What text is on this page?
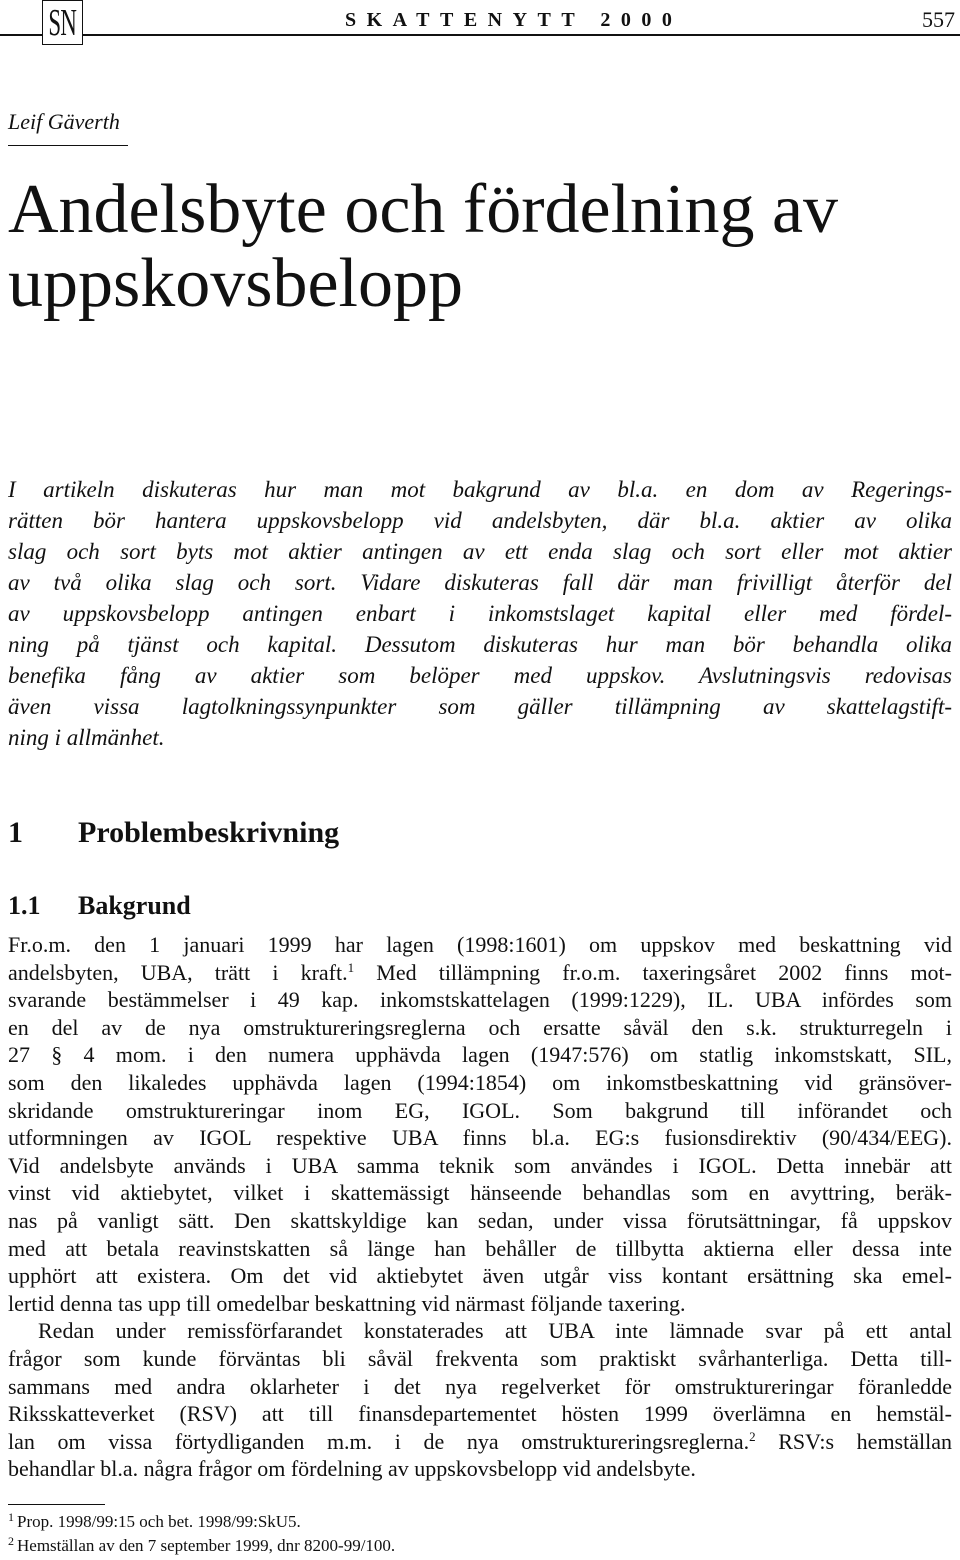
SN	SKATTENYTT 2000	557
Leif Gäverth
Andelsbyte och fördelning av
uppskovsbelopp
I artikeln diskuteras hur man mot bakgrund av bl.a. en dom av Regerings-
rätten bör hantera uppskovsbelopp vid andelsbyten, där bl.a. aktier av olika
slag och sort byts mot aktier antingen av ett enda slag och sort eller mot aktier
av två olika slag och sort. Vidare diskuteras fall där man frivilligt återför del
av uppskovsbelopp antingen enbart i inkomstslaget kapital eller med fördel-
ning på tjänst och kapital. Dessutom diskuteras hur man bör behandla olika
benefika fång av aktier som belöper med uppskov. Avslutningsvis redovisas
även vissa lagtolkningssynpunkter som gäller tillämpning av skattelagstift-
ning i allmänhet.
1 Problembeskrivning
1.1 Bakgrund
Fr.o.m. den 1 januari 1999 har lagen (1998:1601) om uppskov med beskattning vid
andelsbyten, UBA, trätt i kraft.$^1$ Med tillämpning fr.o.m. taxeringsåret 2002 finns mot-
svarande bestämmelser i 49 kap. inkomstskattelagen (1999:1229), IL. UBA infördes som
en del av de nya omstruktureringsreglerna och ersatte såväl den s.k. strukturregeln i
27 § 4 mom. i den numera upphävda lagen (1947:576) om statlig inkomstskatt, SIL,
som den likaledes upphävda lagen (1994:1854) om inkomstbeskattning vid gränsöver-
skridande omstruktureringar inom EG, IGOL. Som bakgrund till införandet och
utformningen av IGOL respektive UBA finns bl.a. EG:s fusionsdirektiv (90/434/EEG).
Vid andelsbyte används i UBA samma teknik som användes i IGOL. Detta innebär att
vinst vid aktiebytet, vilket i skattemässigt hänseende behandlas som en avyttring, beräk-
nas på vanligt sätt. Den skattskyldige kan sedan, under vissa förutsättningar, få uppskov
med att betala reavinstskatten så länge han behåller de tillbytta aktierna eller dessa inte
upphört att existera. Om det vid aktiebytet även utgår viss kontant ersättning ska emel-
lertid denna tas upp till omedelbar beskattning vid närmast följande taxering.
Redan under remissförfarandet konstaterades att UBA inte lämnade svar på ett antal
frågor som kunde förväntas bli såväl frekventa som praktiskt svårhanterliga. Detta till-
sammans med andra oklarheter i det nya regelverket för omstruktureringar föranledde
Riksskatteverket (RSV) att till finansdepartementet hösten 1999 överlämna en hemstäl-
lan om vissa förtydliganden m.m. i de nya omstruktureringsreglerna.$^2$ RSV:s hemställan
behandlar bl.a. några frågor om fördelning av uppskovsbelopp vid andelsbyte.
$^1$ Prop. 1998/99:15 och bet. 1998/99:SkU5.
$^2$ Hemställan av den 7 september 1999, dnr 8200-99/100.
